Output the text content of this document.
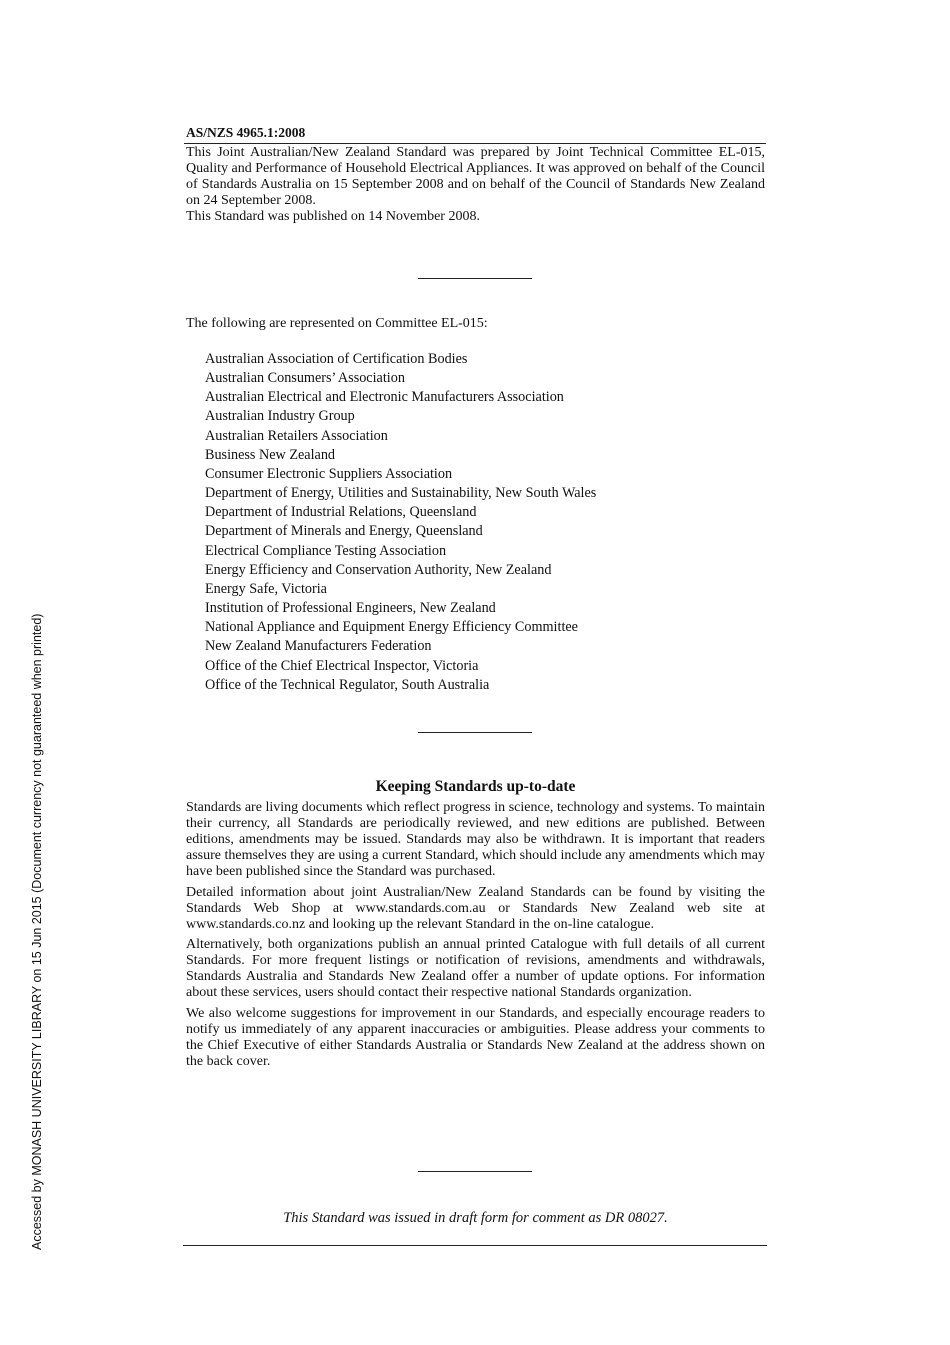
Accessed by MONASH UNIVERSITY LIBRARY on 15 Jun 2015 (Document currency not guaranteed when printed)
AS/NZS 4965.1:2008

This Joint Australian/New Zealand Standard was prepared by Joint Technical Committee EL-015, Quality and Performance of Household Electrical Appliances. It was approved on behalf of the Council of Standards Australia on 15 September 2008 and on behalf of the Council of Standards New Zealand on 24 September 2008.

This Standard was published on 14 November 2008.

The following are represented on Committee EL-015:
Australian Association of Certification Bodies
Australian Consumers’ Association
Australian Electrical and Electronic Manufacturers Association
Australian Industry Group
Australian Retailers Association
Business New Zealand
Consumer Electronic Suppliers Association
Department of Energy, Utilities and Sustainability, New South Wales
Department of Industrial Relations, Queensland
Department of Minerals and Energy, Queensland
Electrical Compliance Testing Association
Energy Efficiency and Conservation Authority, New Zealand
Energy Safe, Victoria
Institution of Professional Engineers, New Zealand
National Appliance and Equipment Energy Efficiency Committee
New Zealand Manufacturers Federation
Office of the Chief Electrical Inspector, Victoria
Office of the Technical Regulator, South Australia
Keeping Standards up-to-date

Standards are living documents which reflect progress in science, technology and systems. To maintain their currency, all Standards are periodically reviewed, and new editions are published. Between editions, amendments may be issued. Standards may also be withdrawn. It is important that readers assure themselves they are using a current Standard, which should include any amendments which may have been published since the Standard was purchased.

Detailed information about joint Australian/New Zealand Standards can be found by visiting the Standards Web Shop at www.standards.com.au or Standards New Zealand web site at www.standards.co.nz and looking up the relevant Standard in the on-line catalogue.

Alternatively, both organizations publish an annual printed Catalogue with full details of all current Standards. For more frequent listings or notification of revisions, amendments and withdrawals, Standards Australia and Standards New Zealand offer a number of update options. For information about these services, users should contact their respective national Standards organization.

We also welcome suggestions for improvement in our Standards, and especially encourage readers to notify us immediately of any apparent inaccuracies or ambiguities. Please address your comments to the Chief Executive of either Standards Australia or Standards New Zealand at the address shown on the back cover.

This Standard was issued in draft form for comment as DR 08027.
